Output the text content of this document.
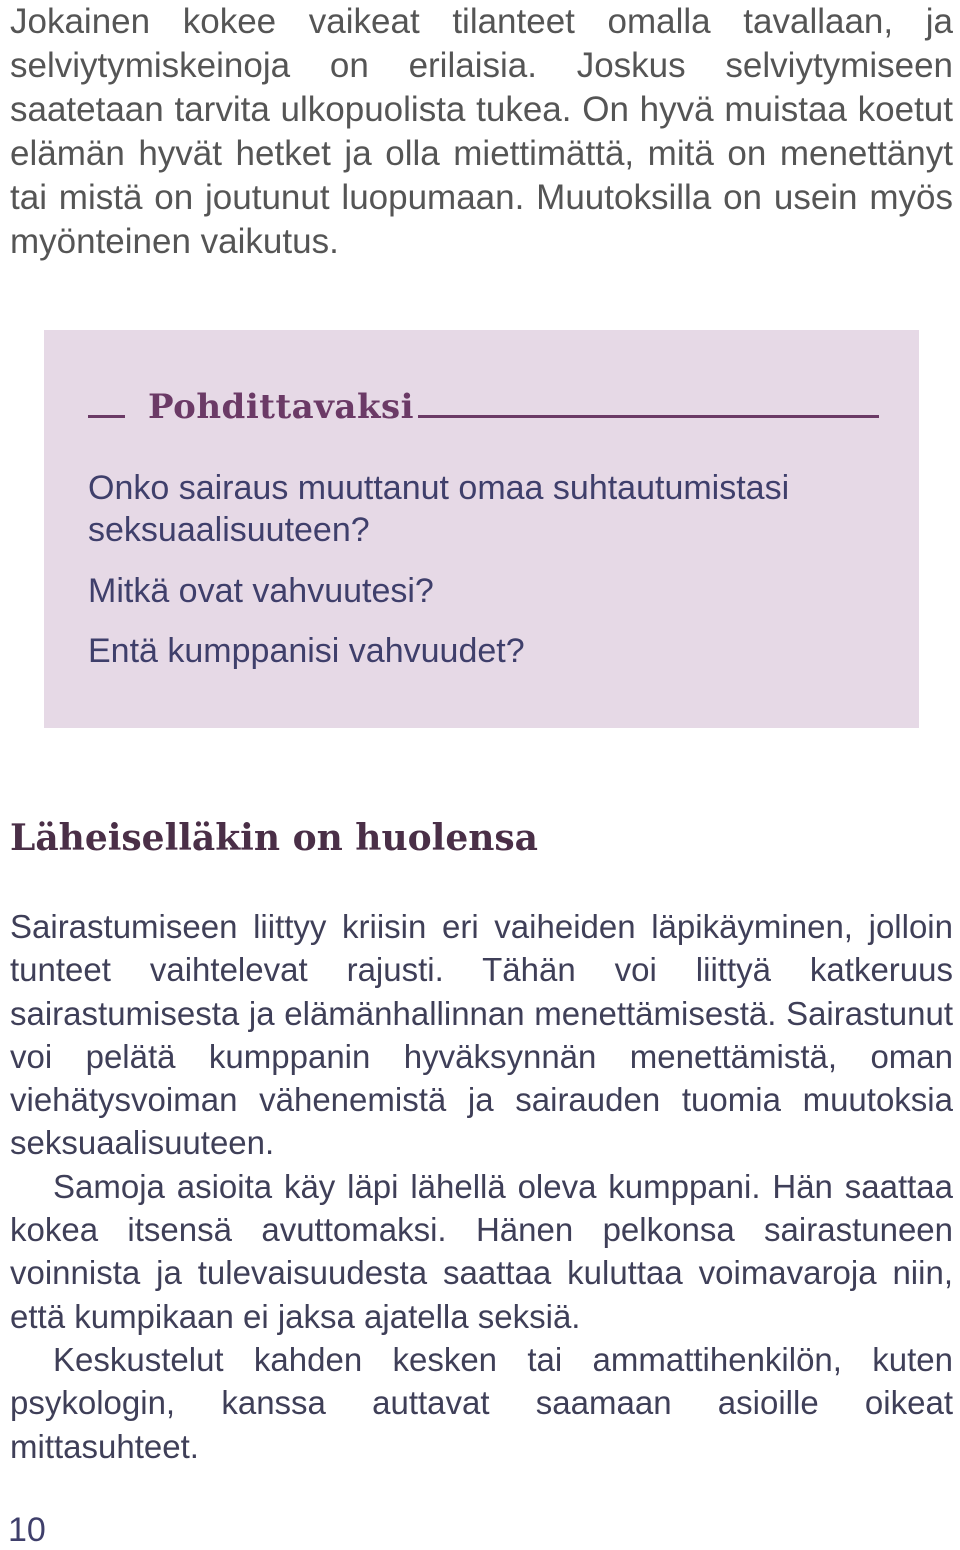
Jokainen kokee vaikeat tilanteet omalla tavallaan, ja selviytymiskeinoja on erilaisia. Joskus selviytymiseen saatetaan tarvita ulkopuolista tukea. On hyvä muistaa koetut elämän hyvät hetket ja olla miettimättä, mitä on menettänyt tai mistä on joutunut luopumaan. Muutoksilla on usein myös myönteinen vaikutus.

Pohdittavaksi

Onko sairaus muuttanut omaa suhtautumistasi seksuaalisuuteen?

Mitkä ovat vahvuutesi?

Entä kumppanisi vahvuudet?

Läheiselläkin on huolensa

Sairastumiseen liittyy kriisin eri vaiheiden läpikäyminen, jolloin tunteet vaihtelevat rajusti. Tähän voi liittyä katkeruus sairastumisesta ja elämänhallinnan menettämisestä. Sairastunut voi pelätä kumppanin hyväksynnän menettämistä, oman viehätysvoiman vähenemistä ja sairauden tuomia muutoksia seksuaalisuuteen.

Samoja asioita käy läpi lähellä oleva kumppani. Hän saattaa kokea itsensä avuttomaksi. Hänen pelkonsa sairastuneen voinnista ja tulevaisuudesta saattaa kuluttaa voimavaroja niin, että kumpikaan ei jaksa ajatella seksiä.

Keskustelut kahden kesken tai ammattihenkilön, kuten psykologin, kanssa auttavat saamaan asioille oikeat mittasuhteet.

10
